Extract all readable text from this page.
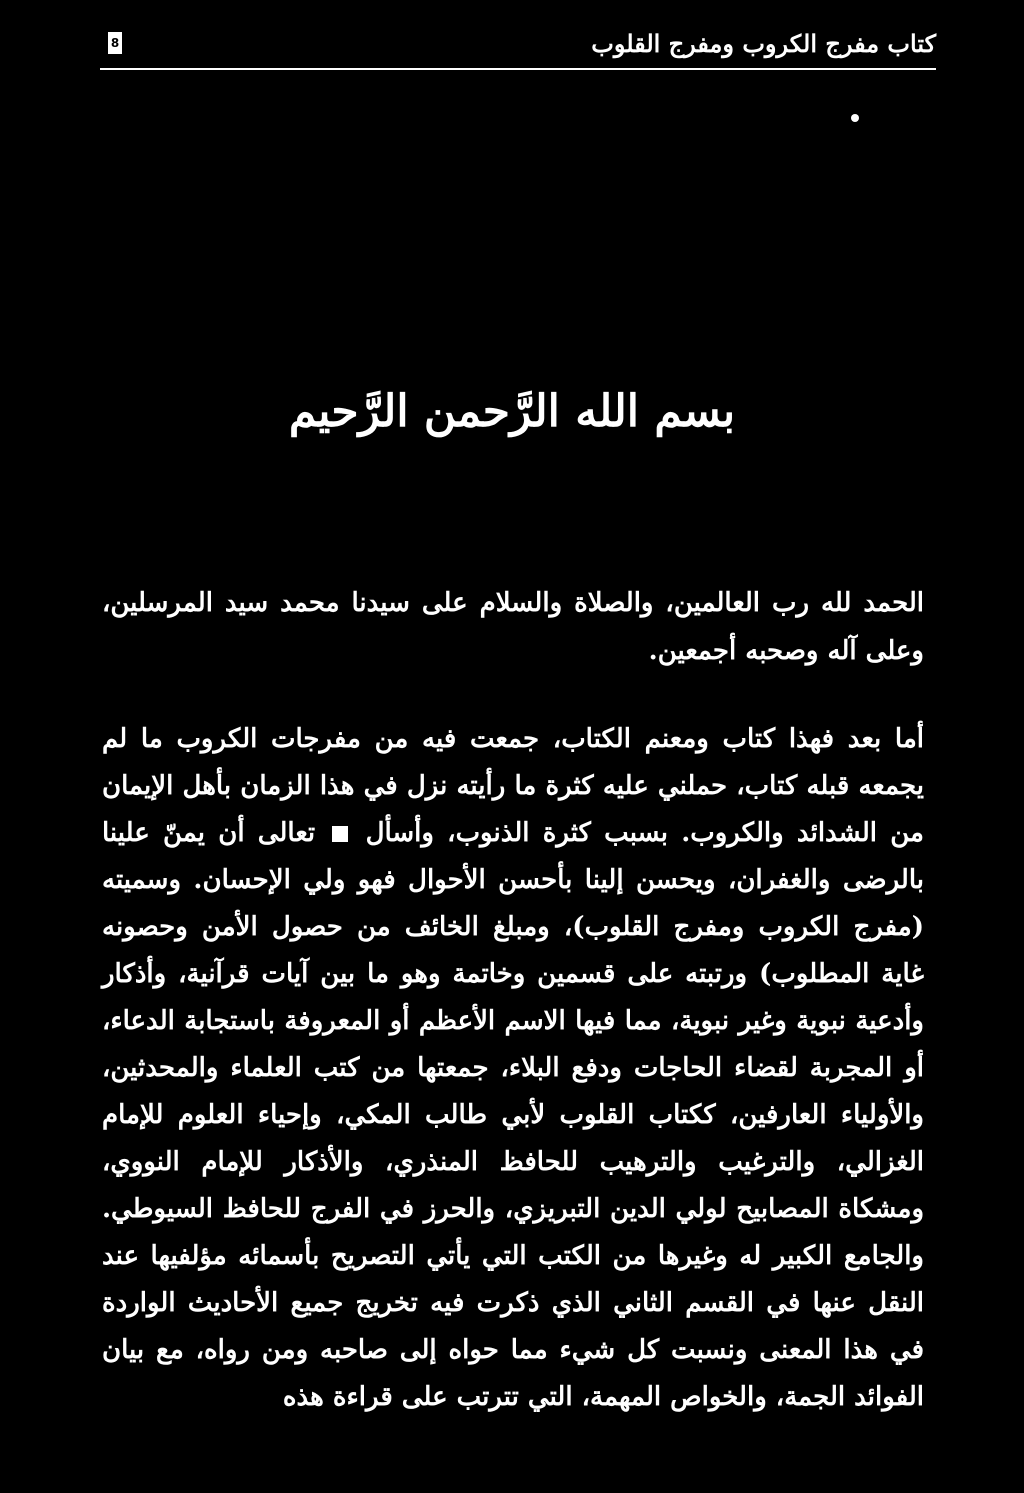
8	كتاب مفرج الكروب ومفرج القلوب
بسم الله الرَّحمن الرَّحيم

الحمد لله رب العالمين، والصلاة والسلام على سيدنا محمد سيد المرسلين، وعلى آله وصحبه أجمعين.

أما بعد فهذا كتاب ومعنم الكتاب، جمعت فيه من مفرجات الكروب ما لم يجمعه قبله كتاب، حملني عليه كثرة ما رأيته نزل في هذا الزمان بأهل الإيمان من الشدائد والكروب. بسبب كثرة الذنوب، وأسأل  تعالى أن يمنّ علينا بالرضى والغفران، ويحسن إلينا بأحسن الأحوال فهو ولي الإحسان. وسميته (مفرج الكروب ومفرج القلوب)، ومبلغ الخائف من حصول الأمن وحصونه غاية المطلوب) ورتبته على قسمين وخاتمة وهو ما بين آيات قرآنية، وأذكار وأدعية نبوية وغير نبوية، مما فيها الاسم الأعظم أو المعروفة باستجابة الدعاء، أو المجربة لقضاء الحاجات ودفع البلاء، جمعتها من كتب العلماء والمحدثين، والأولياء العارفين، ككتاب القلوب لأبي طالب المكي، وإحياء العلوم للإمام الغزالي، والترغيب والترهيب للحافظ المنذري، والأذكار للإمام النووي، ومشكاة المصابيح لولي الدين التبريزي، والحرز في الفرج للحافظ السيوطي. والجامع الكبير له وغيرها من الكتب التي يأتي التصريح بأسمائه مؤلفيها عند النقل عنها في القسم الثاني الذي ذكرت فيه تخريج جميع الأحاديث الواردة في هذا المعنى ونسبت كل شيء مما حواه إلى صاحبه ومن رواه، مع بيان الفوائد الجمة، والخواص المهمة، التي تترتب على قراءة هذه
